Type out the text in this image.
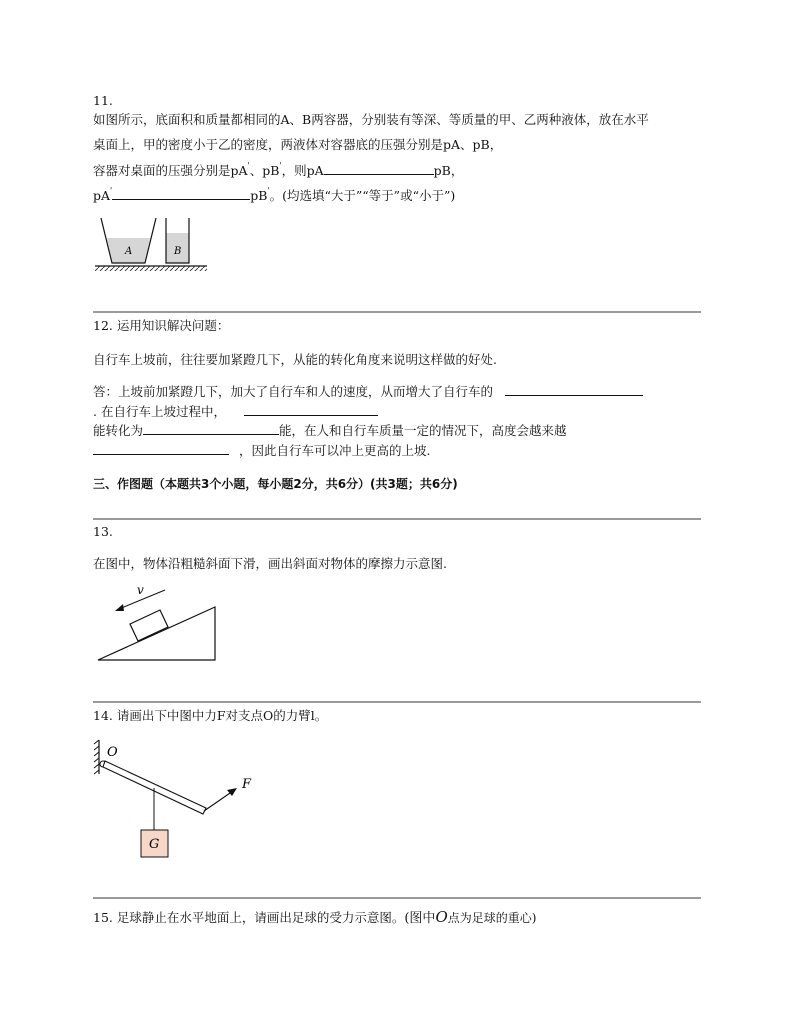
11.
如图所示，底面积和质量都相同的A、B两容器，分别装有等深、等质量的甲、乙两种液体，放在水平
桌面上，甲的密度小于乙的密度，两液体对容器底的压强分别是pA、pB，
容器对桌面的压强分别是pA'、pB'，则pA	pB，
pA'	pB'。(均选填“大于”“等于”或“小于”)
A	B
12. 运用知识解决问题：
自行车上坡前，往往要加紧蹬几下，从能的转化角度来说明这样做的好处.
答：上坡前加紧蹬几下，加大了自行车和人的速度，从而增大了自行车的
. 在自行车上坡过程中，
能转化为	能，在人和自行车质量一定的情况下，高度会越来越
，因此自行车可以冲上更高的上坡.
三、作图题（本题共3个小题，每小题2分，共6分）(共3题；共6分)
13.
在图中，物体沿粗糙斜面下滑，画出斜面对物体的摩擦力示意图.
v
14. 请画出下中图中力F对支点O的力臂l。
G
O
F
15. 足球静止在水平地面上，请画出足球的受力示意图。(图中O点为足球的重心)
